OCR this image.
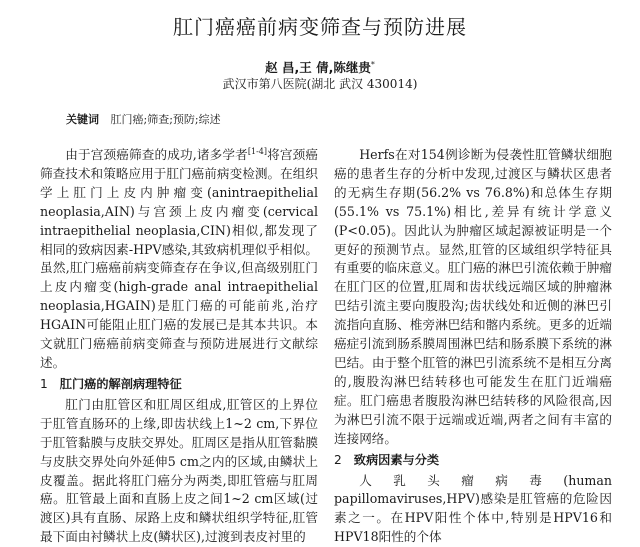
肛门癌癌前病变筛查与预防进展
赵 昌,王 倩,陈继贵*
武汉市第八医院(湖北 武汉 430014)
关键词 肛门癌;筛查;预防;综述

由于宫颈癌筛查的成功,诸多学者[1-4]将宫颈癌筛查技术和策略应用于肛门癌前病变检测。在组织学上肛门上皮内肿瘤变(anintraepithelial neoplasia,AIN)与宫颈上皮内瘤变(cervical intraepithelial neoplasia,CIN)相似,都发现了相同的致病因素-HPV感染,其致病机理似乎相似。虽然,肛门癌癌前病变筛查存在争议,但高级别肛门上皮内瘤变(high-grade anal intraepithelial neoplasia,HGAIN)是肛门癌的可能前兆,治疗HGAIN可能阻止肛门癌的发展已是其本共识。本文就肛门癌癌前病变筛查与预防进展进行文献综述。

1 肛门癌的解剖病理特征

肛门由肛管区和肛周区组成,肛管区的上界位于肛管直肠环的上缘,即齿状线上1~2 cm,下界位于肛管黏膜与皮肤交界处。肛周区是指从肛管黏膜与皮肤交界处向外延伸5 cm之内的区域,由鳞状上皮覆盖。据此将肛门癌分为两类,即肛管癌与肛周癌。肛管最上面和直肠上皮之间1~2 cm区域(过渡区)具有直肠、尿路上皮和鳞状组织学特征,肛管最下面由衬鳞状上皮(鳞状区),过渡到表皮衬里的

Herfs在对154例诊断为侵袭性肛管鳞状细胞癌的患者生存的分析中发现,过渡区与鳞状区患者的无病生存期(56.2% vs 76.8%)和总体生存期(55.1% vs 75.1%)相比,差异有统计学意义(P<0.05)。因此认为肿瘤区域起源被证明是一个更好的预测节点。显然,肛管的区域组织学特征具有重要的临床意义。肛门癌的淋巴引流依赖于肿瘤在肛门区的位置,肛周和齿状线远端区域的肿瘤淋巴结引流主要向腹股沟;齿状线处和近侧的淋巴引流指向直肠、椎旁淋巴结和髂内系统。更多的近端癌症引流到肠系膜周围淋巴结和肠系膜下系统的淋巴结。由于整个肛管的淋巴引流系统不是相互分离的,腹股沟淋巴结转移也可能发生在肛门近端癌症。肛门癌患者腹股沟淋巴结转移的风险很高,因为淋巴引流不限于远端或近端,两者之间有丰富的连接网络。

2 致病因素与分类

人乳头瘤病毒(human papillomaviruses,HPV)感染是肛管癌的危险因素之一。在HPV阳性个体中,特别是HPV16和HPV18阳性的个体
